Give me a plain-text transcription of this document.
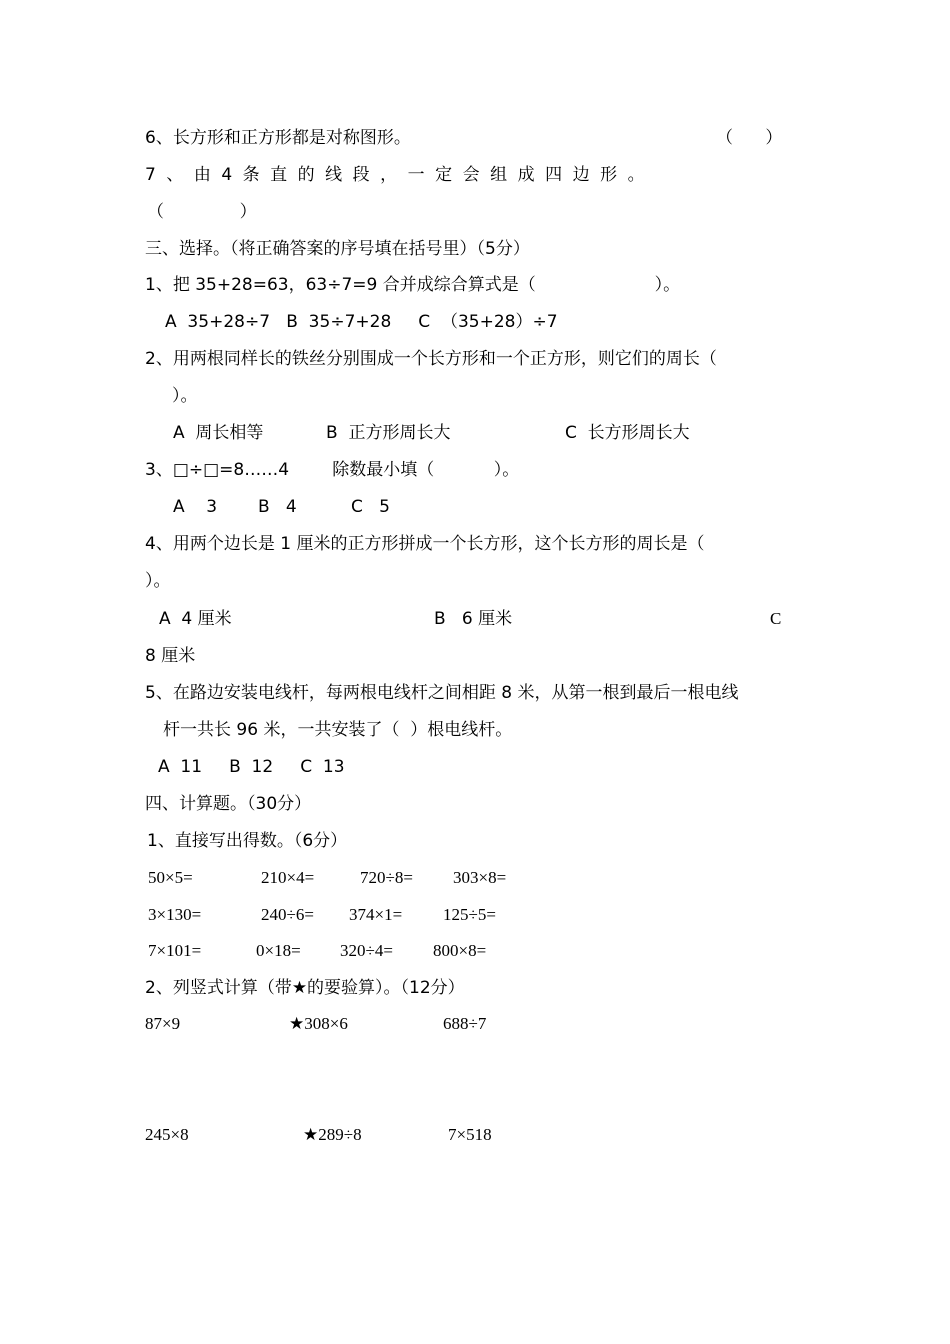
6、长方形和正方形都是对称图形。	（      ）
7、由4条直的线段，一定会组成四边形。
（              ）
三、选择。（将正确答案的序号填在括号里）（5分）
1、把 35+28=63，63÷7=9 合并成综合算式是（                      ）。
A  35+28÷7   B  35÷7+28     C  （35+28）÷7
2、用两根同样长的铁丝分别围成一个长方形和一个正方形，则它们的周长（
）。
A  周长相等	B  正方形周长大	C  长方形周长大
3、□÷□=8……4        除数最小填（           ）。
A    3 B   4	C   5
4、用两个边长是 1 厘米的正方形拼成一个长方形，这个长方形的周长是（
）。
A  4 厘米	B   6 厘米	C
8 厘米
5、在路边安装电线杆，每两根电线杆之间相距 8 米，从第一根到最后一根电线
杆一共长 96 米，一共安装了（  ）根电线杆。
A  11     B  12     C  13
四、计算题。（30分）
1、直接写出得数。（6分）
50×5=	210×4=	720÷8= 303×8=
3×130=	240÷6= 374×1= 125÷5=
7×101=	0×18= 320÷4= 800×8=
2、列竖式计算（带★的要验算）。（12分）
87×9	★308×6	688÷7
245×8	★289÷8	7×518
